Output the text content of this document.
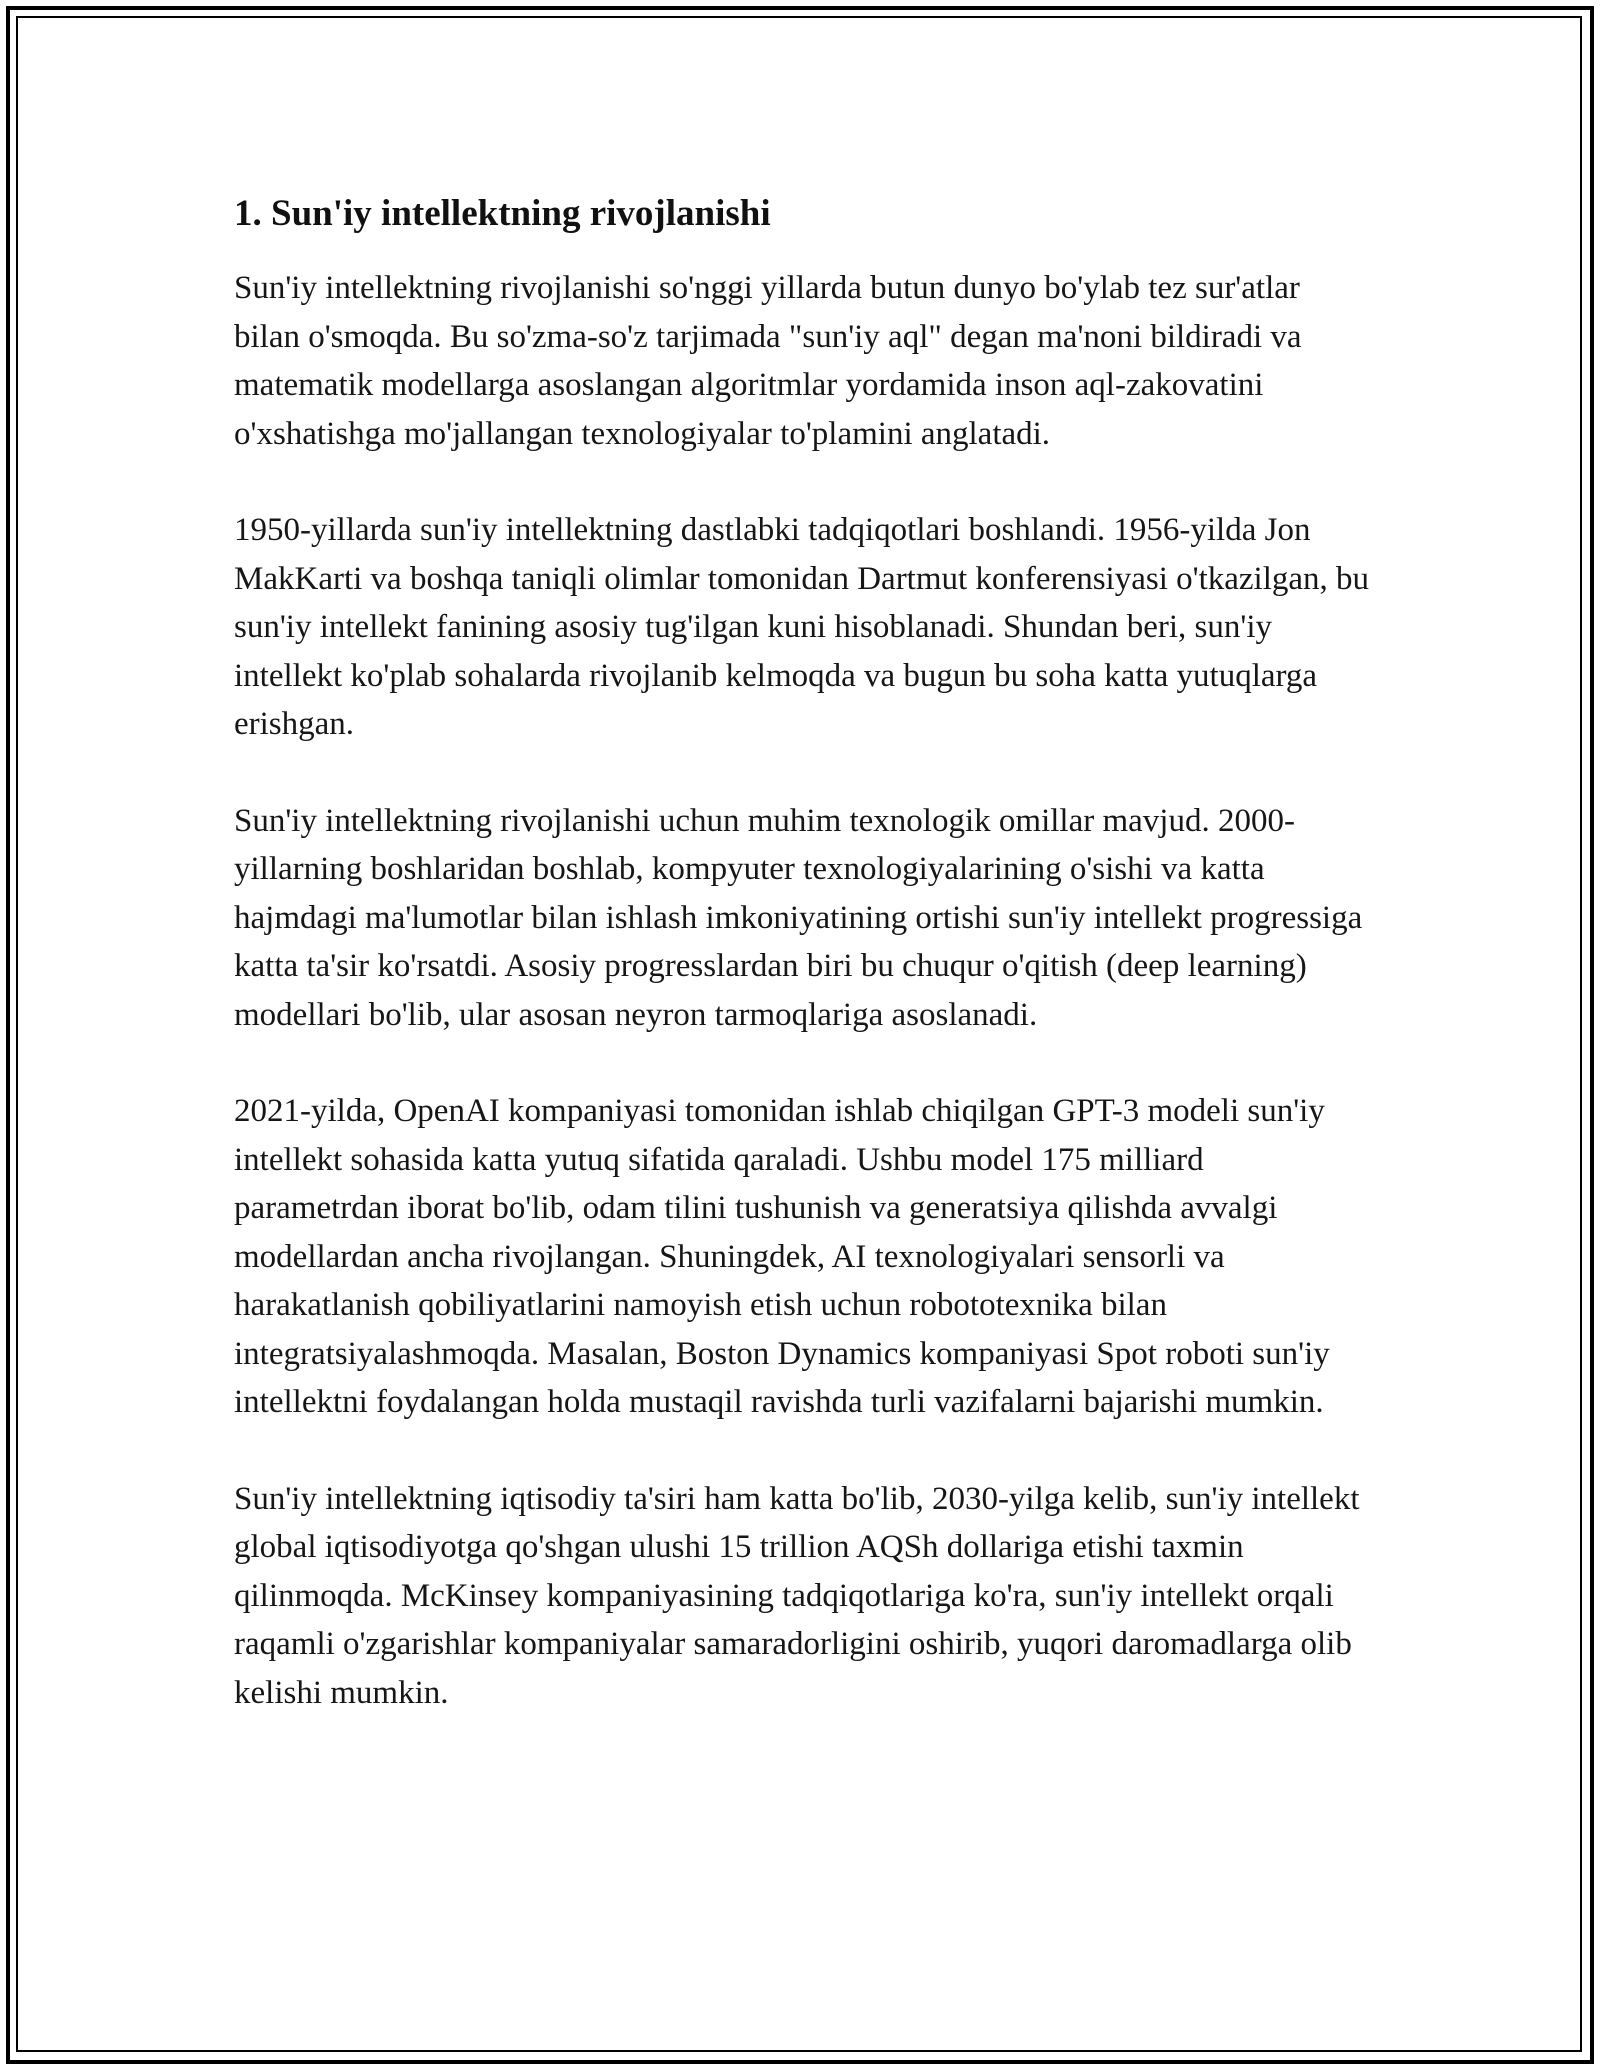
1. Sun'iy intellektning rivojlanishi

Sun'iy intellektning rivojlanishi so'nggi yillarda butun dunyo bo'ylab tez sur'atlar bilan o'smoqda. Bu so'zma-so'z tarjimada "sun'iy aql" degan ma'noni bildiradi va matematik modellarga asoslangan algoritmlar yordamida inson aql-zakovatini o'xshatishga mo'jallangan texnologiyalar to'plamini anglatadi.

1950-yillarda sun'iy intellektning dastlabki tadqiqotlari boshlandi. 1956-yilda Jon MakKarti va boshqa taniqli olimlar tomonidan Dartmut konferensiyasi o'tkazilgan, bu sun'iy intellekt fanining asosiy tug'ilgan kuni hisoblanadi. Shundan beri, sun'iy intellekt ko'plab sohalarda rivojlanib kelmoqda va bugun bu soha katta yutuqlarga erishgan.

Sun'iy intellektning rivojlanishi uchun muhim texnologik omillar mavjud. 2000-yillarning boshlaridan boshlab, kompyuter texnologiyalarining o'sishi va katta hajmdagi ma'lumotlar bilan ishlash imkoniyatining ortishi sun'iy intellekt progressiga katta ta'sir ko'rsatdi. Asosiy progresslardan biri bu chuqur o'qitish (deep learning) modellari bo'lib, ular asosan neyron tarmoqlariga asoslanadi.

2021-yilda, OpenAI kompaniyasi tomonidan ishlab chiqilgan GPT-3 modeli sun'iy intellekt sohasida katta yutuq sifatida qaraladi. Ushbu model 175 milliard parametrdan iborat bo'lib, odam tilini tushunish va generatsiya qilishda avvalgi modellardan ancha rivojlangan. Shuningdek, AI texnologiyalari sensorli va harakatlanish qobiliyatlarini namoyish etish uchun robototexnika bilan integratsiyalashmoqda. Masalan, Boston Dynamics kompaniyasi Spot roboti sun'iy intellektni foydalangan holda mustaqil ravishda turli vazifalarni bajarishi mumkin.

Sun'iy intellektning iqtisodiy ta'siri ham katta bo'lib, 2030-yilga kelib, sun'iy intellekt global iqtisodiyotga qo'shgan ulushi 15 trillion AQSh dollariga etishi taxmin qilinmoqda. McKinsey kompaniyasining tadqiqotlariga ko'ra, sun'iy intellekt orqali raqamli o'zgarishlar kompaniyalar samaradorligini oshirib, yuqori daromadlarga olib kelishi mumkin.
